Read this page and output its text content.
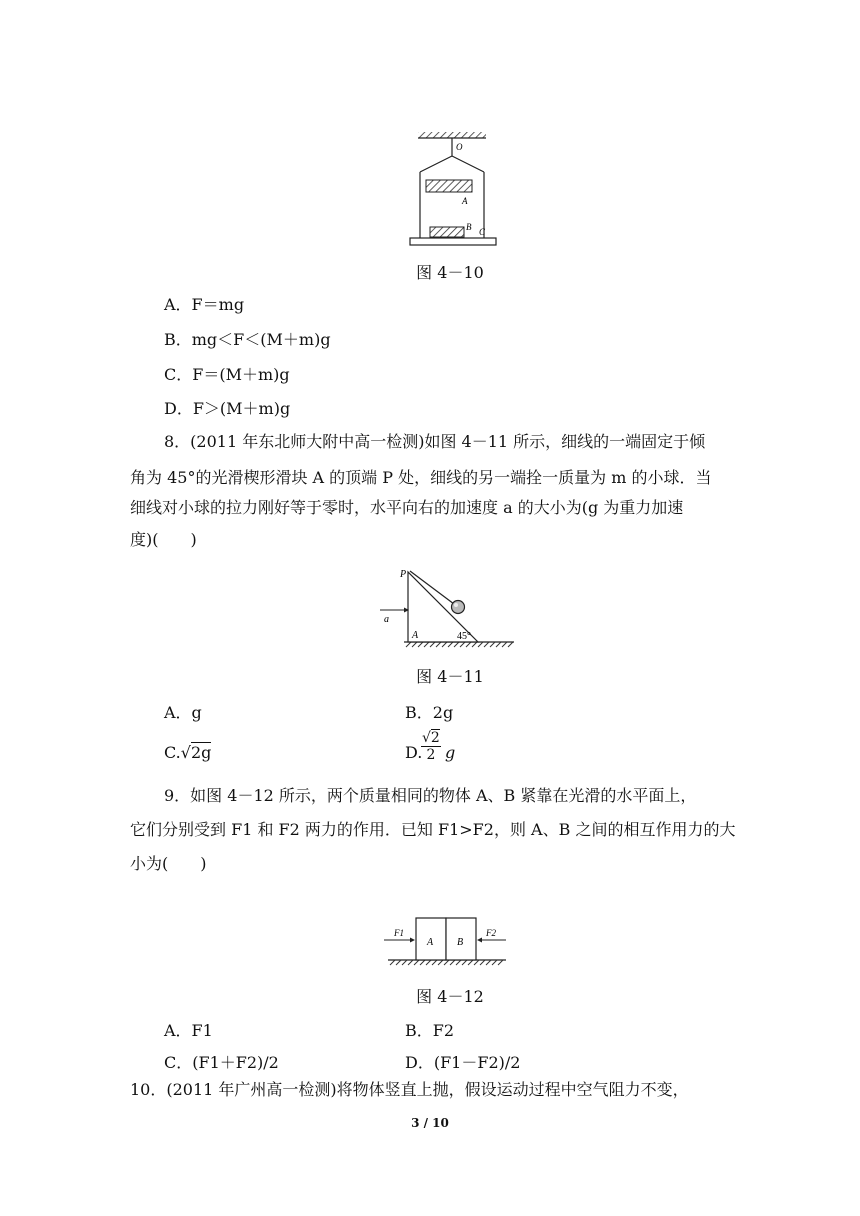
O
A
B C
图 4－10
A．F＝mg
B．mg＜F＜(M＋m)g
C．F＝(M＋m)g
D．F＞(M＋m)g
8．(2011 年东北师大附中高一检测)如图 4－11 所示，细线的一端固定于倾
角为 45°的光滑楔形滑块 A 的顶端 P 处，细线的另一端拴一质量为 m 的小球．当
细线对小球的拉力刚好等于零时，水平向右的加速度 a 的大小为(g 为重力加速
度)(　　)
P
A	45°
a
图 4－11
A．g	B．2g
C.√2g	D.
√2
2 g
9．如图 4－12 所示，两个质量相同的物体 A、B 紧靠在光滑的水平面上，
它们分别受到 F1 和 F2 两力的作用．已知 F1>F2，则 A、B 之间的相互作用力的大
小为(　　)
A B
F1	F2
图 4－12
A．F1	B．F2
C．(F1＋F2)/2	D．(F1－F2)/2
10．(2011 年广州高一检测)将物体竖直上抛，假设运动过程中空气阻力不变，
3 / 10
